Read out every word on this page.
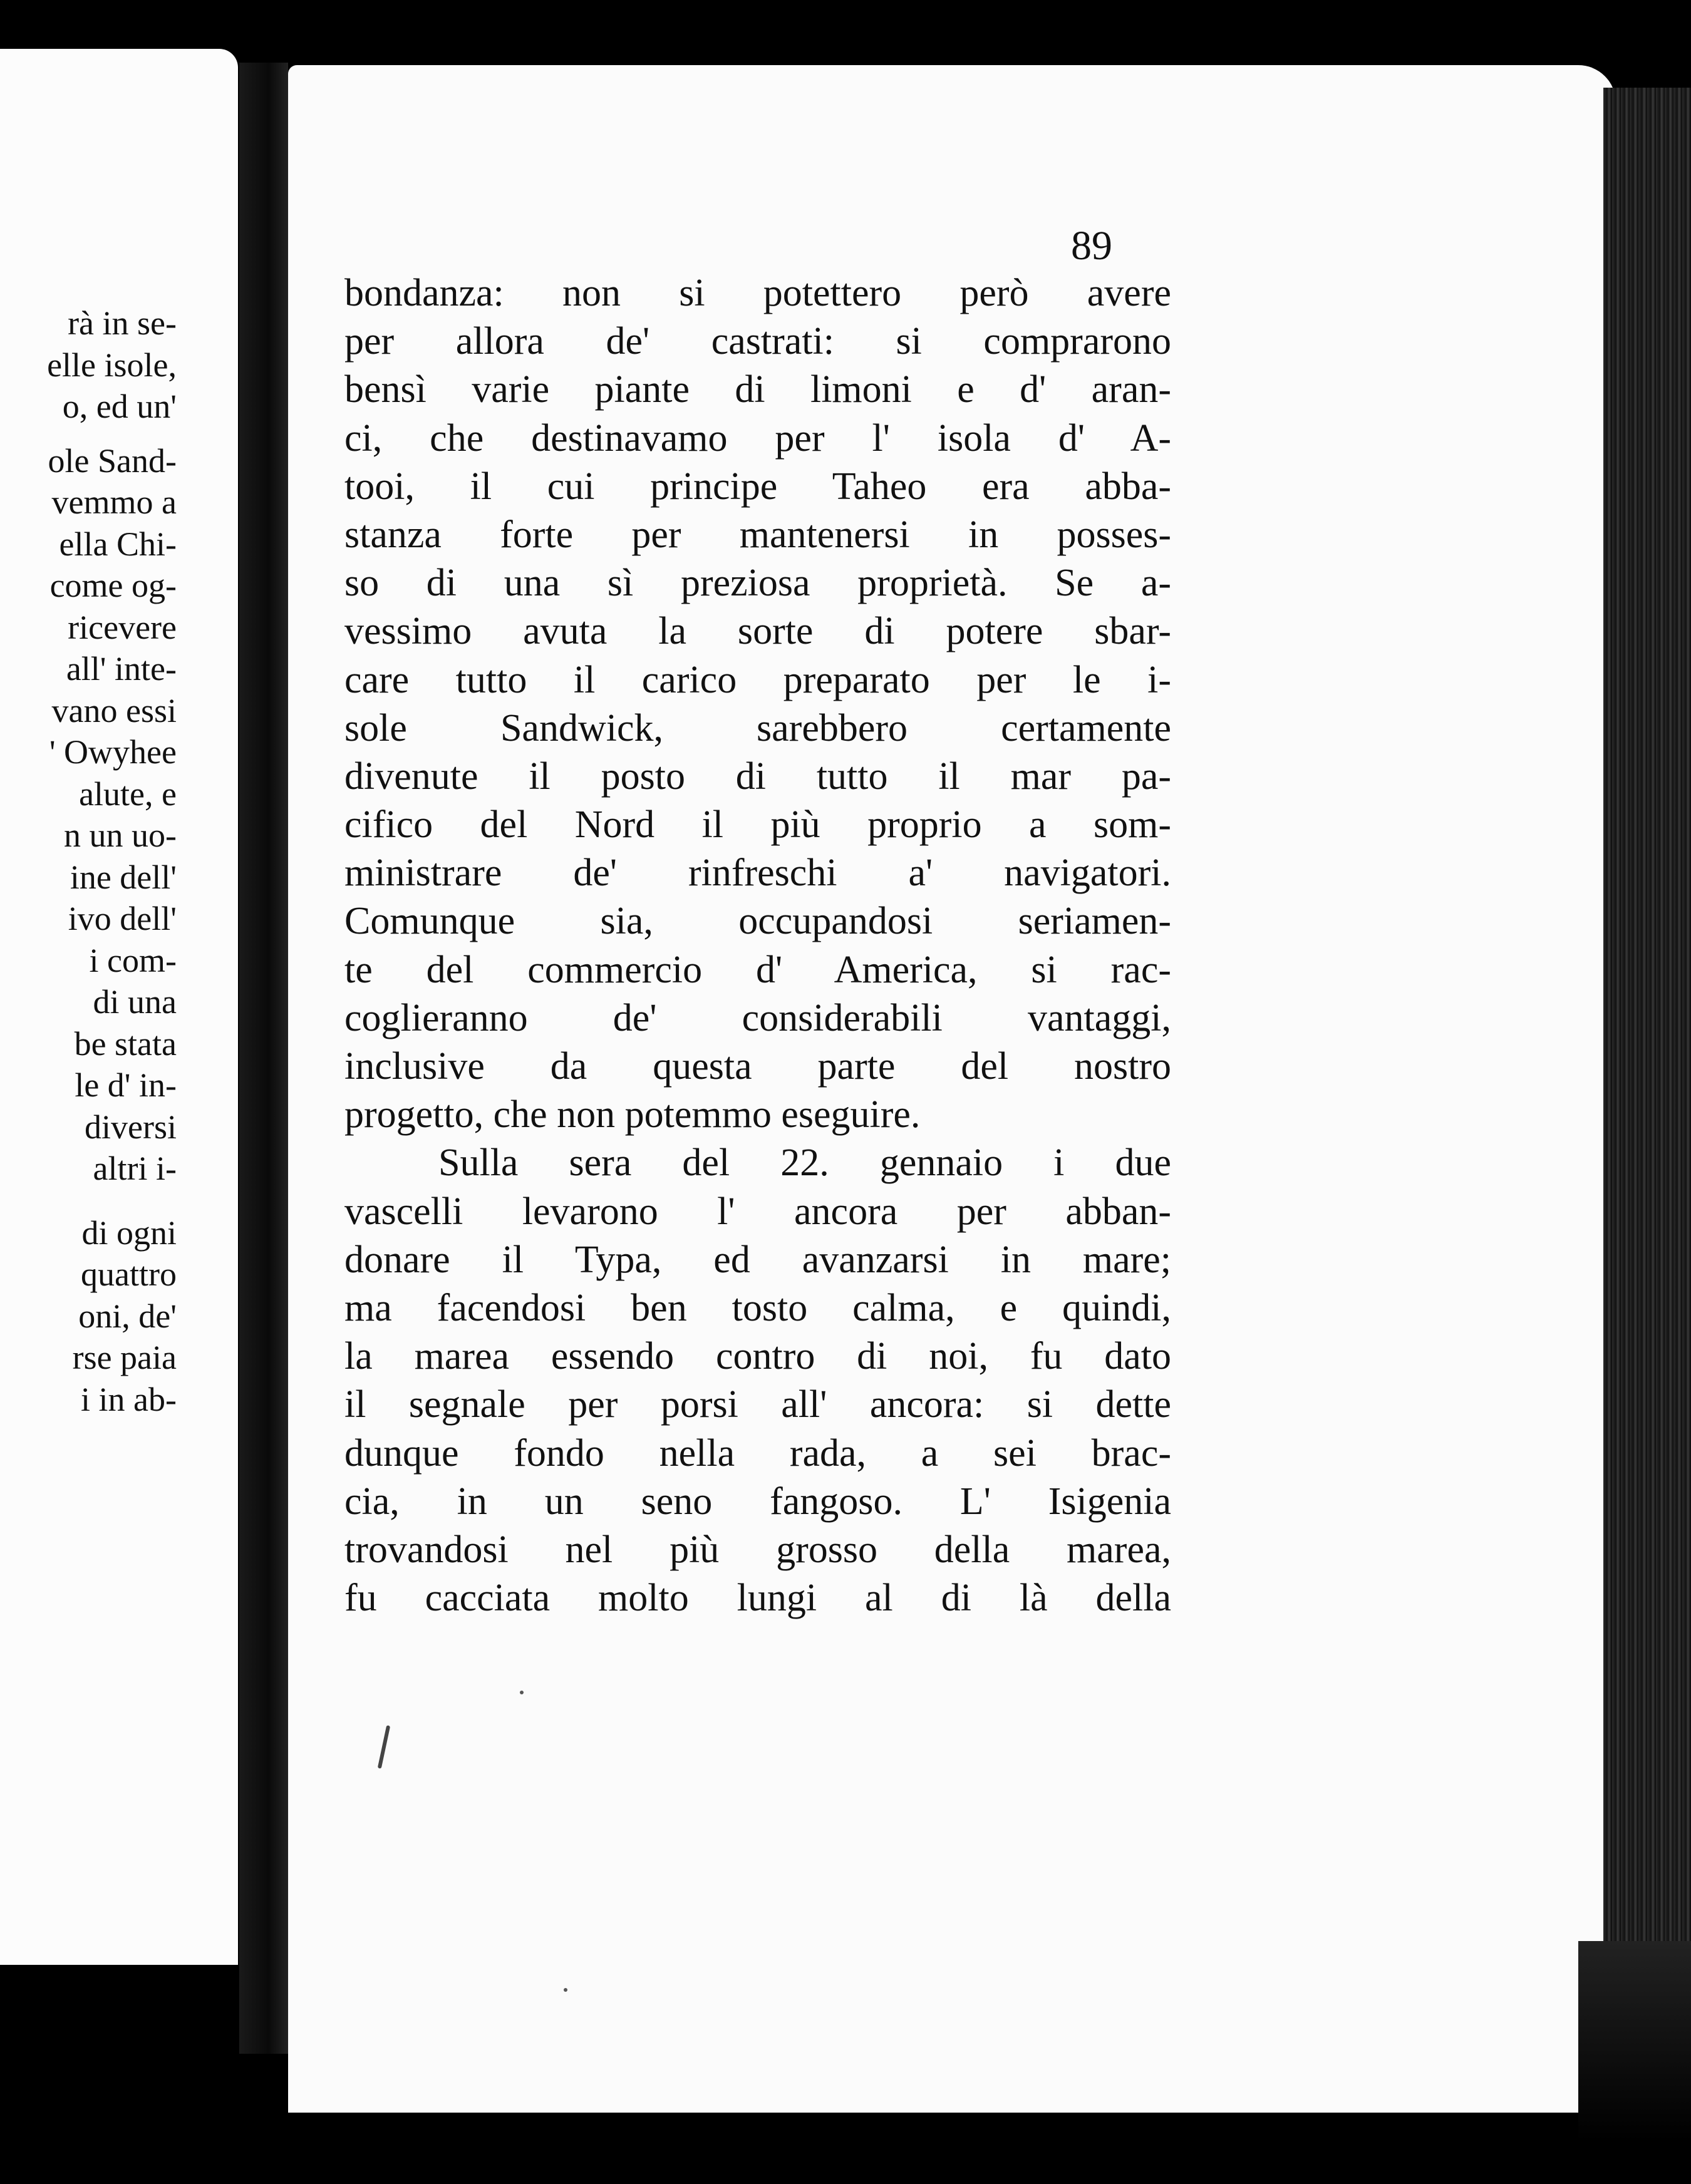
rà in se-
elle isole,
o, ed un'
ole Sand-
vemmo a
ella Chi-
come og-
ricevere
all' inte-
vano essi
' Owyhee
alute, e
n un uo-
ine dell'
ivo dell'
i com-
di una
be stata
le d' in-
diversi
altri i-
di ogni
quattro
oni, de'
rse paia
i in ab-
89
bondanza: non si potettero però avere
per allora de' castrati: si comprarono
bensì varie piante di limoni e d' aran-
ci, che destinavamo per l' isola d' A-
tooi, il cui principe Taheo era abba-
stanza forte per mantenersi in posses-
so di una sì preziosa proprietà. Se a-
vessimo avuta la sorte di potere sbar-
care tutto il carico preparato per le i-
sole Sandwick, sarebbero certamente
divenute il posto di tutto il mar pa-
cifico del Nord il più proprio a som-
ministrare de' rinfreschi a' navigatori.
Comunque sia, occupandosi seriamen-
te del commercio d' America, si rac-
coglieranno de' considerabili vantaggi,
inclusive da questa parte del nostro
progetto, che non potemmo eseguire.
Sulla sera del 22. gennaio i due
vascelli levarono l' ancora per abban-
donare il Typa, ed avanzarsi in mare;
ma facendosi ben tosto calma, e quindi,
la marea essendo contro di noi, fu dato
il segnale per porsi all' ancora: si dette
dunque fondo nella rada, a sei brac-
cia, in un seno fangoso. L' Isigenia
trovandosi nel più grosso della marea,
fu cacciata molto lungi al di là della
